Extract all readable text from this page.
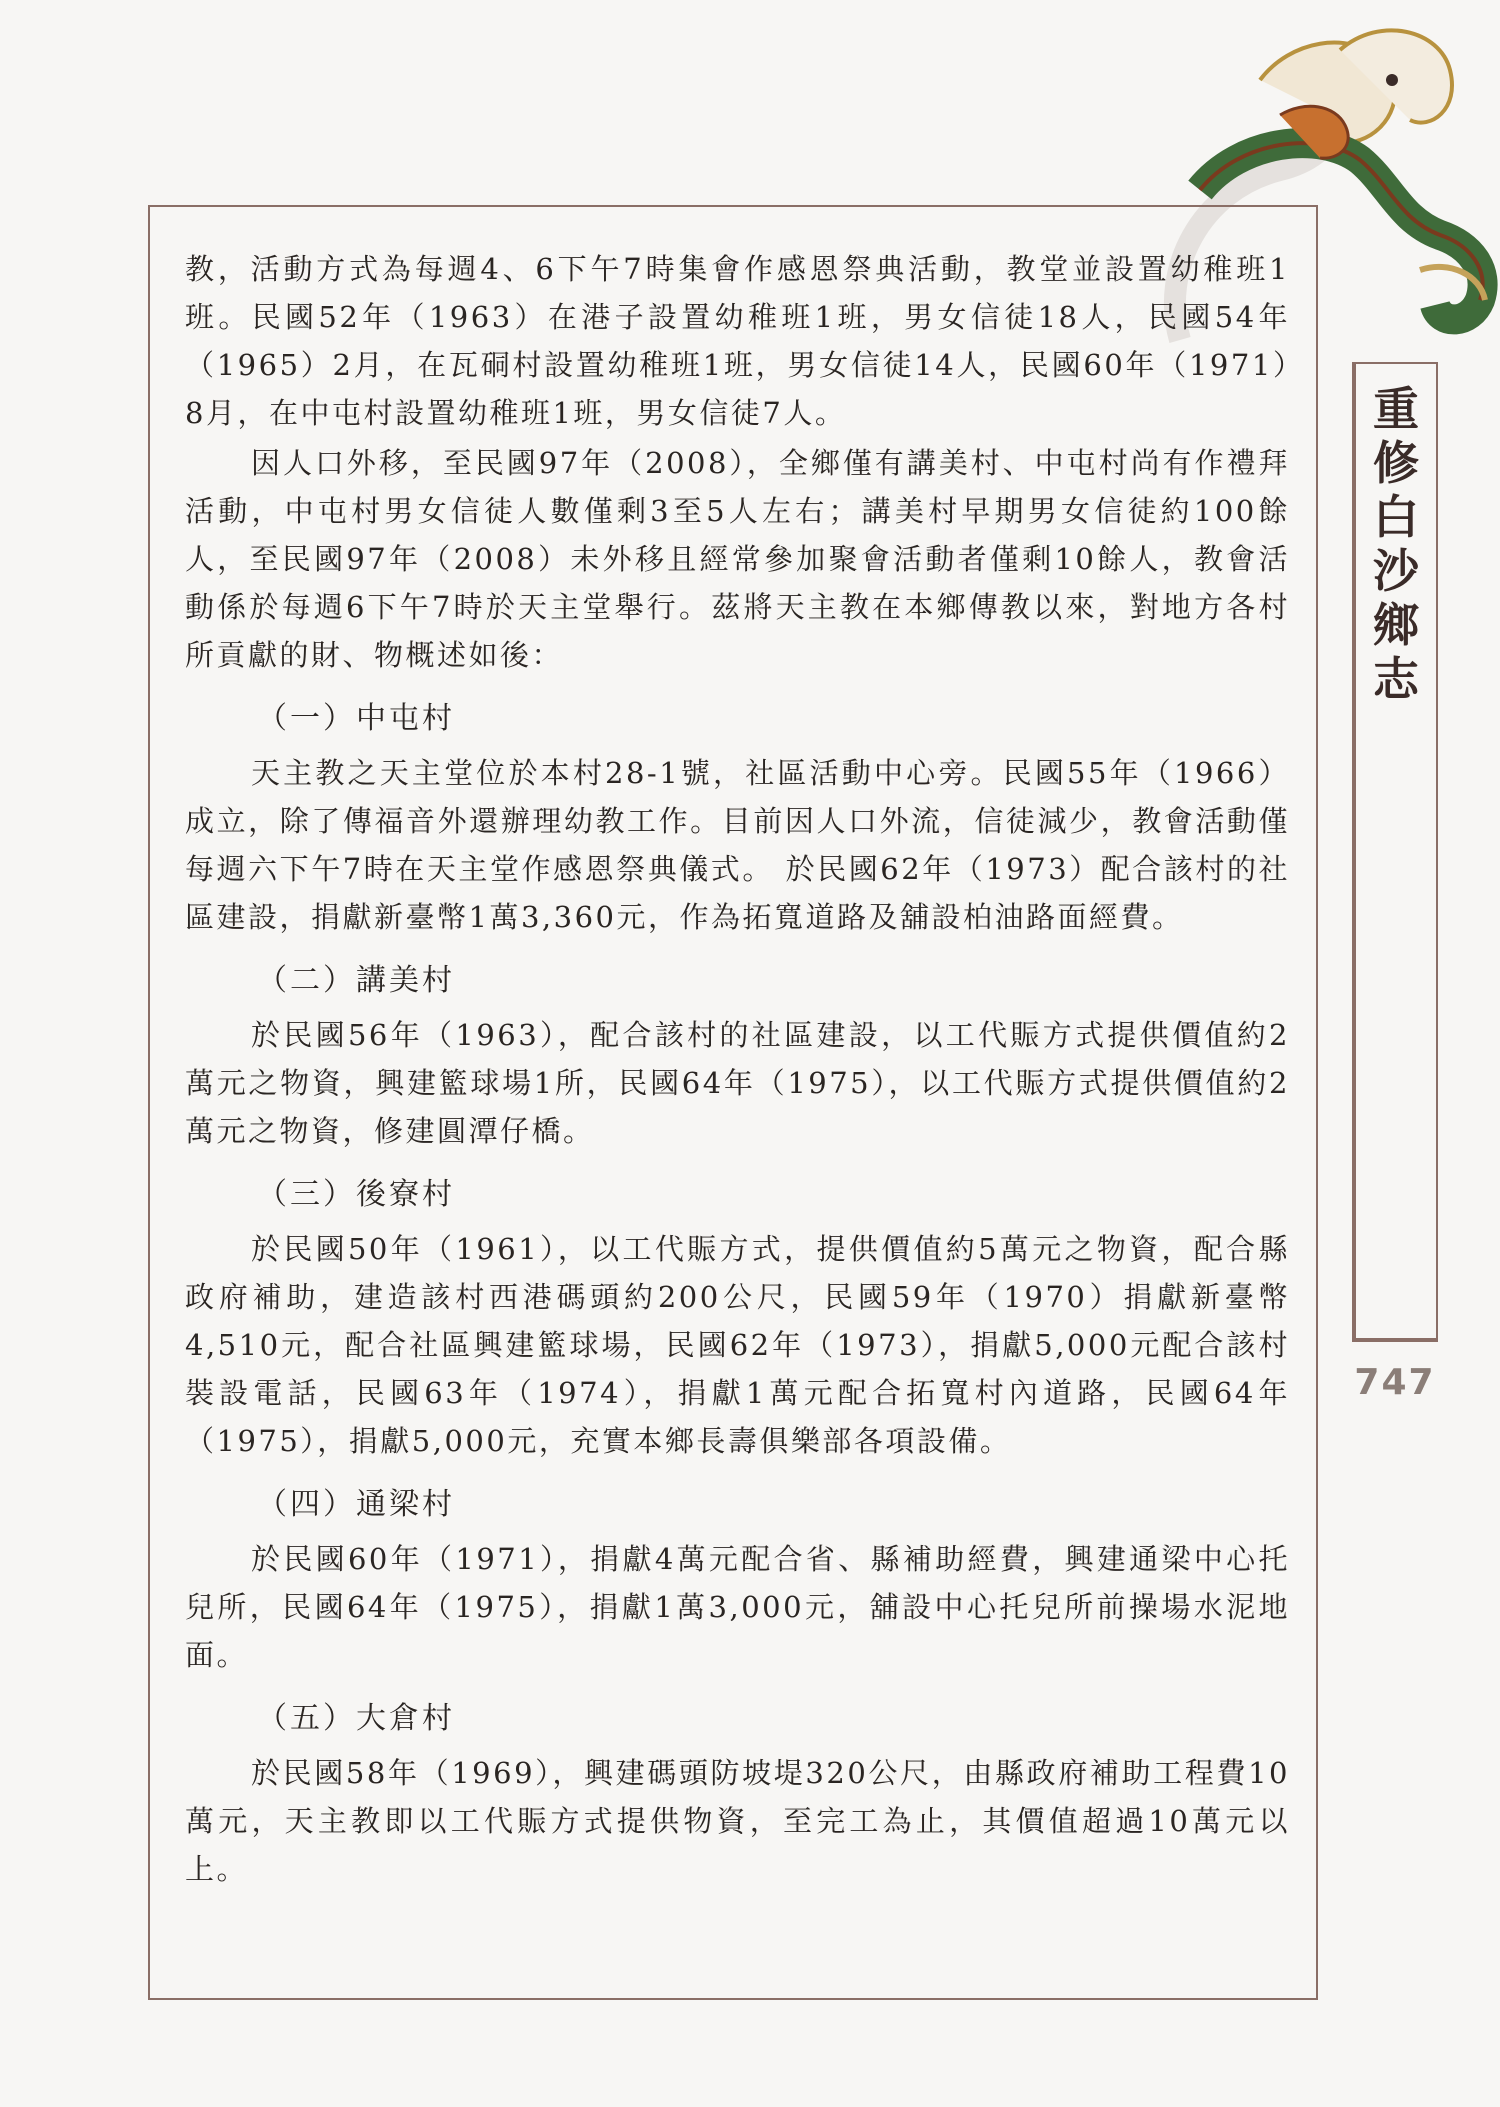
教，活動方式為每週4、6下午7時集會作感恩祭典活動，教堂並設置幼稚班1班。民國52年（1963）在港子設置幼稚班1班，男女信徒18人，民國54年（1965）2月，在瓦硐村設置幼稚班1班，男女信徒14人，民國60年（1971）8月，在中屯村設置幼稚班1班，男女信徒7人。

因人口外移，至民國97年（2008），全鄉僅有講美村、中屯村尚有作禮拜活動，中屯村男女信徒人數僅剩3至5人左右；講美村早期男女信徒約100餘人，至民國97年（2008）未外移且經常參加聚會活動者僅剩10餘人，教會活動係於每週6下午7時於天主堂舉行。茲將天主教在本鄉傳教以來，對地方各村所貢獻的財、物概述如後：

（一）中屯村

天主教之天主堂位於本村28-1號，社區活動中心旁。民國55年（1966）成立，除了傳福音外還辦理幼教工作。目前因人口外流，信徒減少，教會活動僅每週六下午7時在天主堂作感恩祭典儀式。 於民國62年（1973）配合該村的社區建設，捐獻新臺幣1萬3,360元，作為拓寬道路及舖設柏油路面經費。

（二）講美村

於民國56年（1963），配合該村的社區建設，以工代賑方式提供價值約2萬元之物資，興建籃球場1所，民國64年（1975），以工代賑方式提供價值約2萬元之物資，修建圓潭仔橋。

（三）後寮村

於民國50年（1961），以工代賑方式，提供價值約5萬元之物資，配合縣政府補助，建造該村西港碼頭約200公尺，民國59年（1970）捐獻新臺幣4,510元，配合社區興建籃球場，民國62年（1973），捐獻5,000元配合該村裝設電話，民國63年（1974），捐獻1萬元配合拓寬村內道路，民國64年（1975），捐獻5,000元，充實本鄉長壽俱樂部各項設備。

（四）通梁村

於民國60年（1971），捐獻4萬元配合省、縣補助經費，興建通梁中心托兒所，民國64年（1975），捐獻1萬3,000元，舖設中心托兒所前操場水泥地面。

（五）大倉村

於民國58年（1969），興建碼頭防坡堤320公尺，由縣政府補助工程費10萬元，天主教即以工代賑方式提供物資，至完工為止，其價值超過10萬元以上。

重修白沙鄉志
747
